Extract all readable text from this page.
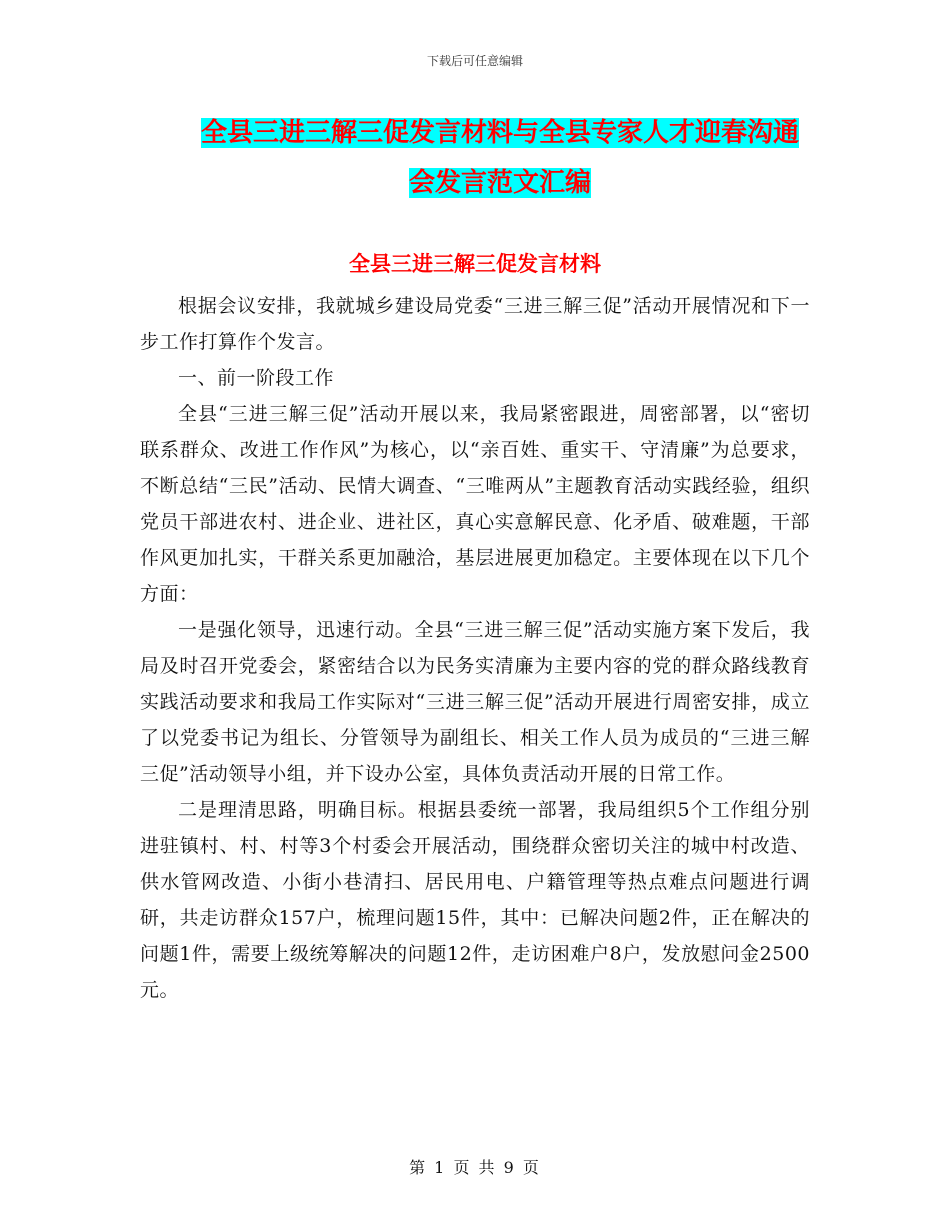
下载后可任意编辑
全县三进三解三促发言材料与全县专家人才迎春沟通
会发言范文汇编
全县三进三解三促发言材料

根据会议安排，我就城乡建设局党委“三进三解三促”活动开展情况和下一步工作打算作个发言。

一、前一阶段工作

全县“三进三解三促”活动开展以来，我局紧密跟进，周密部署，以“密切联系群众、改进工作作风”为核心，以“亲百姓、重实干、守清廉”为总要求，不断总结“三民”活动、民情大调查、“三唯两从”主题教育活动实践经验，组织党员干部进农村、进企业、进社区，真心实意解民意、化矛盾、破难题，干部作风更加扎实，干群关系更加融洽，基层进展更加稳定。主要体现在以下几个方面：

一是强化领导，迅速行动。全县“三进三解三促”活动实施方案下发后，我局及时召开党委会，紧密结合以为民务实清廉为主要内容的党的群众路线教育实践活动要求和我局工作实际对“三进三解三促”活动开展进行周密安排，成立了以党委书记为组长、分管领导为副组长、相关工作人员为成员的“三进三解三促”活动领导小组，并下设办公室，具体负责活动开展的日常工作。

二是理清思路，明确目标。根据县委统一部署，我局组织5个工作组分别进驻镇村、村、村等3个村委会开展活动，围绕群众密切关注的城中村改造、供水管网改造、小街小巷清扫、居民用电、户籍管理等热点难点问题进行调研，共走访群众157户，梳理问题15件，其中：已解决问题2件，正在解决的问题1件，需要上级统筹解决的问题12件，走访困难户8户，发放慰问金2500元。

第 1 页 共 9 页
